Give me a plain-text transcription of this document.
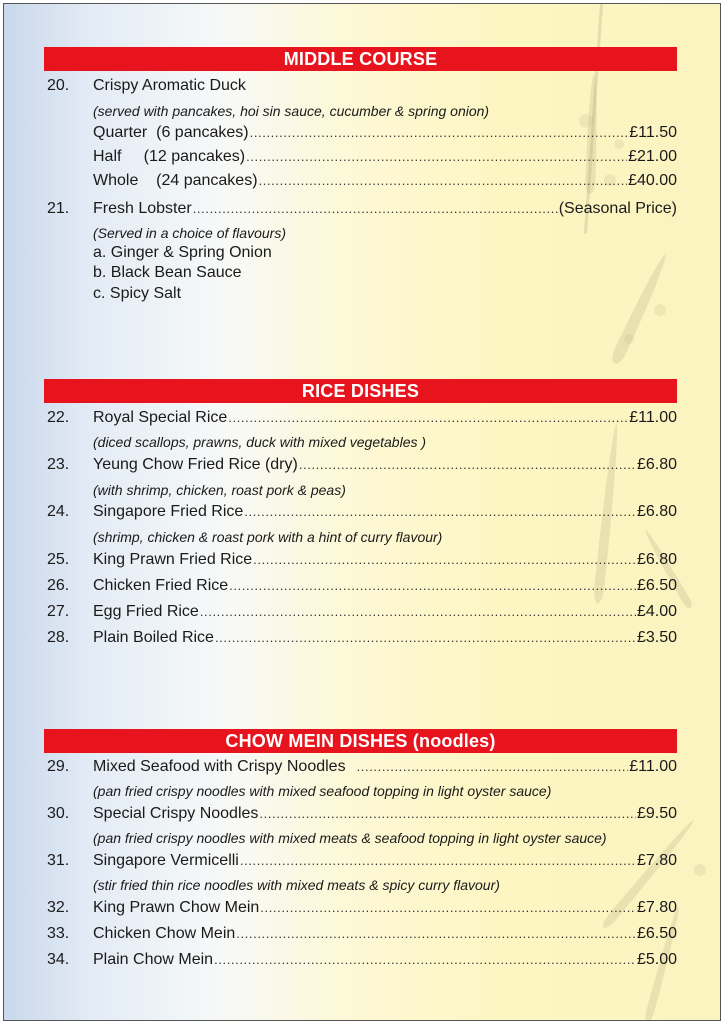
MIDDLE COURSE
20. Crispy Aromatic Duck
(served with pancakes, hoi sin sauce, cucumber & spring onion)
Quarter  (6 pancakes) .....	£11.50
Half     (12 pancakes) .....	£21.00
Whole    (24 pancakes) .....	£40.00
21. Fresh Lobster .....	(Seasonal Price)
(Served in a choice of flavours)
a. Ginger & Spring Onion
b. Black Bean Sauce
c. Spicy Salt
RICE DISHES
22. Royal Special Rice .....	£11.00
(diced scallops, prawns, duck with mixed vegetables )
23. Yeung Chow Fried Rice (dry) .....	£6.80
(with shrimp, chicken, roast pork & peas)
24. Singapore Fried Rice .....	£6.80
(shrimp, chicken & roast pork with a hint of curry flavour)
25. King Prawn Fried Rice .....	£6.80
26. Chicken Fried Rice .....	£6.50
27. Egg Fried Rice .....	£4.00
28. Plain Boiled Rice .....	£3.50
CHOW MEIN DISHES (noodles)
29. Mixed Seafood with Crispy Noodles .....	£11.00
(pan fried crispy noodles with mixed seafood topping in light oyster sauce)
30. Special Crispy Noodles .....	£9.50
(pan fried crispy noodles with mixed meats & seafood topping in light oyster sauce)
31. Singapore Vermicelli .....	£7.80
(stir fried thin rice noodles with mixed meats & spicy curry flavour)
32. King Prawn Chow Mein .....	£7.80
33. Chicken Chow Mein .....	£6.50
34. Plain Chow Mein .....	£5.00
